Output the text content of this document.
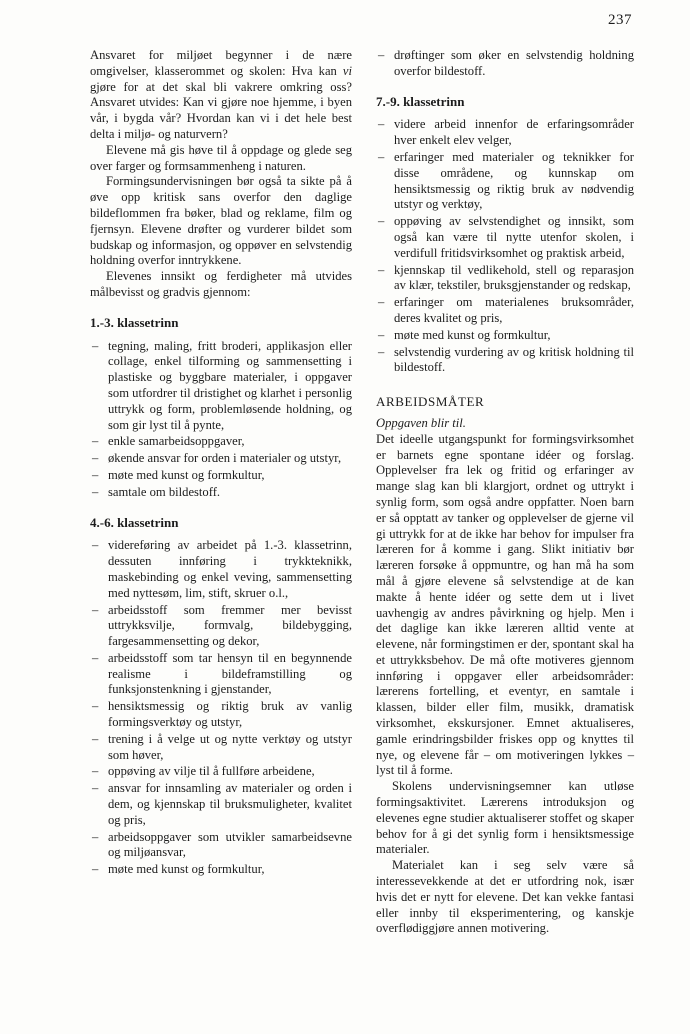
237

Ansvaret for miljøet begynner i de nære omgivelser, klasserommet og skolen: Hva kan vi gjøre for at det skal bli vakrere omkring oss? Ansvaret utvides: Kan vi gjøre noe hjemme, i byen vår, i bygda vår? Hvordan kan vi i det hele best delta i miljø- og naturvern?

Elevene må gis høve til å oppdage og glede seg over farger og formsammenheng i naturen.

Formingsundervisningen bør også ta sikte på å øve opp kritisk sans overfor den daglige bildeflommen fra bøker, blad og reklame, film og fjernsyn. Elevene drøfter og vurderer bildet som budskap og informasjon, og oppøver en selvstendig holdning overfor inntrykkene.

Elevenes innsikt og ferdigheter må utvides målbevisst og gradvis gjennom:

1.-3. klassetrinn
– tegning, maling, fritt broderi, applikasjon eller collage, enkel tilforming og sammensetting i plastiske og byggbare materialer, i oppgaver som utfordrer til dristighet og klarhet i personlig uttrykk og form, problemløsende holdning, og som gir lyst til å pynte,
– enkle samarbeidsoppgaver,
– økende ansvar for orden i materialer og utstyr,
– møte med kunst og formkultur,
– samtale om bildestoff.
4.-6. klassetrinn
– videreføring av arbeidet på 1.-3. klassetrinn, dessuten innføring i trykkteknikk, maskebinding og enkel veving, sammensetting med nyttesøm, lim, stift, skruer o.l.,
– arbeidsstoff som fremmer mer bevisst uttrykksvilje, formvalg, bildebygging, fargesammensetting og dekor,
– arbeidsstoff som tar hensyn til en begynnende realisme i bildeframstilling og funksjonstenkning i gjenstander,
– hensiktsmessig og riktig bruk av vanlig formingsverktøy og utstyr,
– trening i å velge ut og nytte verktøy og utstyr som høver,
– oppøving av vilje til å fullføre arbeidene,
– ansvar for innsamling av materialer og orden i dem, og kjennskap til bruksmuligheter, kvalitet og pris,
– arbeidsoppgaver som utvikler samarbeidsevne og miljøansvar,
– møte med kunst og formkultur,
– drøftinger som øker en selvstendig holdning overfor bildestoff.
7.-9. klassetrinn
– videre arbeid innenfor de erfaringsområder hver enkelt elev velger,
– erfaringer med materialer og teknikker for disse områdene, og kunnskap om hensiktsmessig og riktig bruk av nødvendig utstyr og verktøy,
– oppøving av selvstendighet og innsikt, som også kan være til nytte utenfor skolen, i verdifull fritidsvirksomhet og praktisk arbeid,
– kjennskap til vedlikehold, stell og reparasjon av klær, tekstiler, bruksgjenstander og redskap,
– erfaringer om materialenes bruksområder, deres kvalitet og pris,
– møte med kunst og formkultur,
– selvstendig vurdering av og kritisk holdning til bildestoff.
ARBEIDSMÅTER
Oppgaven blir til.

Det ideelle utgangspunkt for formingsvirksomhet er barnets egne spontane idéer og forslag. Opplevelser fra lek og fritid og erfaringer av mange slag kan bli klargjort, ordnet og uttrykt i synlig form, som også andre oppfatter. Noen barn er så opptatt av tanker og opplevelser de gjerne vil gi uttrykk for at de ikke har behov for impulser fra læreren for å komme i gang. Slikt initiativ bør læreren forsøke å oppmuntre, og han må ha som mål å gjøre elevene så selvstendige at de kan makte å hente idéer og sette dem ut i livet uavhengig av andres påvirkning og hjelp. Men i det daglige kan ikke læreren alltid vente at elevene, når formingstimen er der, spontant skal ha et uttrykksbehov. De må ofte motiveres gjennom innføring i oppgaver eller arbeidsområder: lærerens fortelling, et eventyr, en samtale i klassen, bilder eller film, musikk, dramatisk virksomhet, ekskursjoner. Emnet aktualiseres, gamle erindringsbilder friskes opp og knyttes til nye, og elevene får – om motiveringen lykkes – lyst til å forme.

Skolens undervisningsemner kan utløse formingsaktivitet. Lærerens introduksjon og elevenes egne studier aktualiserer stoffet og skaper behov for å gi det synlig form i hensiktsmessige materialer.

Materialet kan i seg selv være så interessevekkende at det er utfordring nok, især hvis det er nytt for elevene. Det kan vekke fantasi eller innby til eksperimentering, og kanskje overflødiggjøre annen motivering.
